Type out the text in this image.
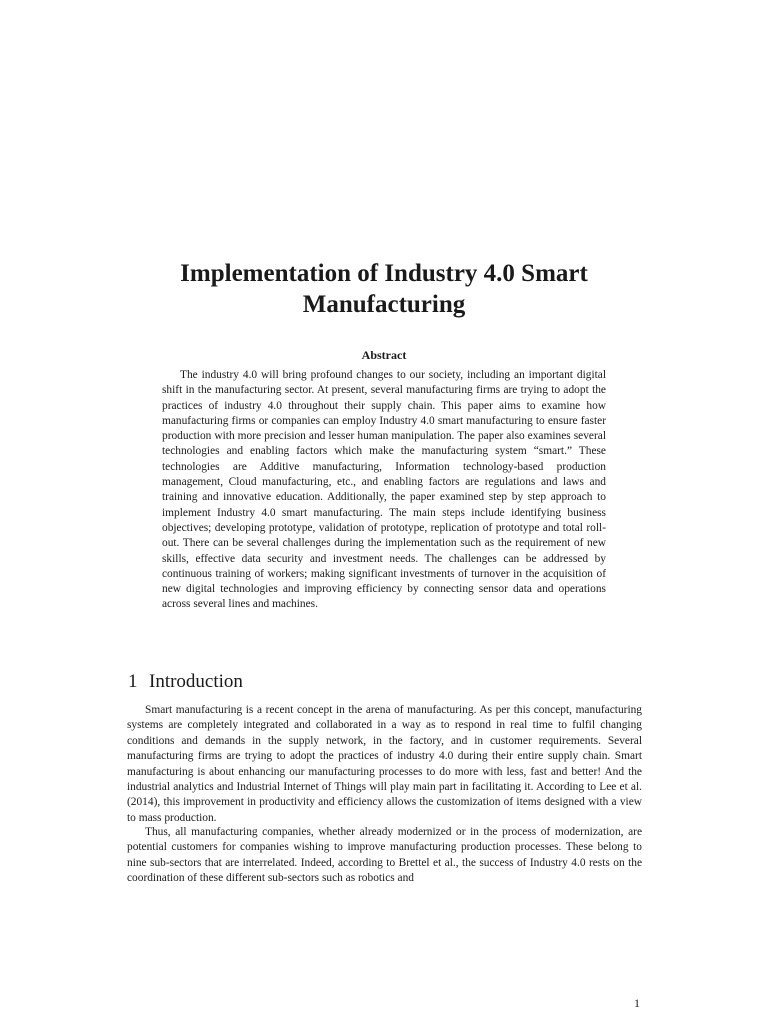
Implementation of Industry 4.0 Smart Manufacturing
Abstract

The industry 4.0 will bring profound changes to our society, including an important digital shift in the manufacturing sector. At present, several manufacturing firms are trying to adopt the practices of industry 4.0 throughout their supply chain. This paper aims to examine how manufacturing firms or companies can employ Industry 4.0 smart manufacturing to ensure faster production with more precision and lesser human manipulation. The paper also examines several technologies and enabling factors which make the manufacturing system “smart.” These technologies are Additive manufacturing, Information technology-based production management, Cloud manufacturing, etc., and enabling factors are regulations and laws and training and innovative education. Additionally, the paper examined step by step approach to implement Industry 4.0 smart manufacturing. The main steps include identifying business objectives; developing prototype, validation of prototype, replication of prototype and total roll-out. There can be several challenges during the implementation such as the requirement of new skills, effective data security and investment needs. The challenges can be addressed by continuous training of workers; making significant investments of turnover in the acquisition of new digital technologies and improving efficiency by connecting sensor data and operations across several lines and machines.

1 Introduction

Smart manufacturing is a recent concept in the arena of manufacturing. As per this concept, manufacturing systems are completely integrated and collaborated in a way as to respond in real time to fulfil changing conditions and demands in the supply network, in the factory, and in customer requirements. Several manufacturing firms are trying to adopt the practices of industry 4.0 during their entire supply chain. Smart manufacturing is about enhancing our manufacturing processes to do more with less, fast and better! And the industrial analytics and Industrial Internet of Things will play main part in facilitating it. According to Lee et al. (2014), this improvement in productivity and efficiency allows the customization of items designed with a view to mass production.

Thus, all manufacturing companies, whether already modernized or in the process of modernization, are potential customers for companies wishing to improve manufacturing production processes. These belong to nine sub-sectors that are interrelated. Indeed, according to Brettel et al., the success of Industry 4.0 rests on the coordination of these different sub-sectors such as robotics and

1
